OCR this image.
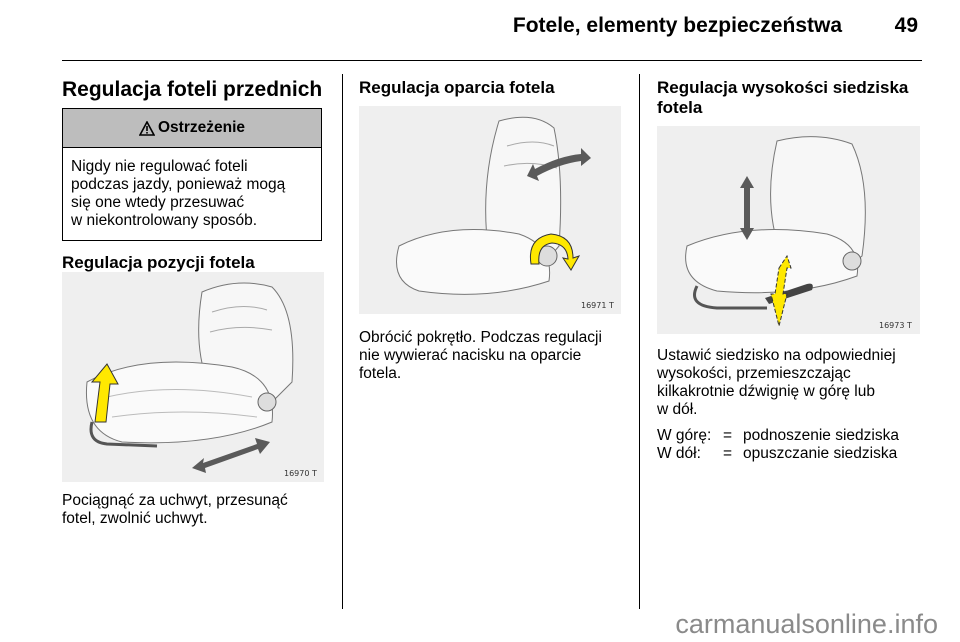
Fotele, elementy bezpieczeństwa	49
Regulacja foteli przednich
Ostrzeżenie
Nigdy nie regulować foteli
podczas jazdy, ponieważ mogą
się one wtedy przesuwać
w niekontrolowany sposób.
Regulacja pozycji fotela
16970 T
Pociągnąć za uchwyt, przesunąć
fotel, zwolnić uchwyt.
Regulacja oparcia fotela
16971 T
Obrócić pokrętło. Podczas regulacji
nie wywierać nacisku na oparcie
fotela.
Regulacja wysokości siedziska
fotela
16973 T
Ustawić siedzisko na odpowiedniej
wysokości, przemieszczając
kilkakrotnie dźwignię w górę lub
w dół.
W górę:	=	podnoszenie siedziska
W dół:	=	opuszczanie siedziska
carmanualsonline.info
